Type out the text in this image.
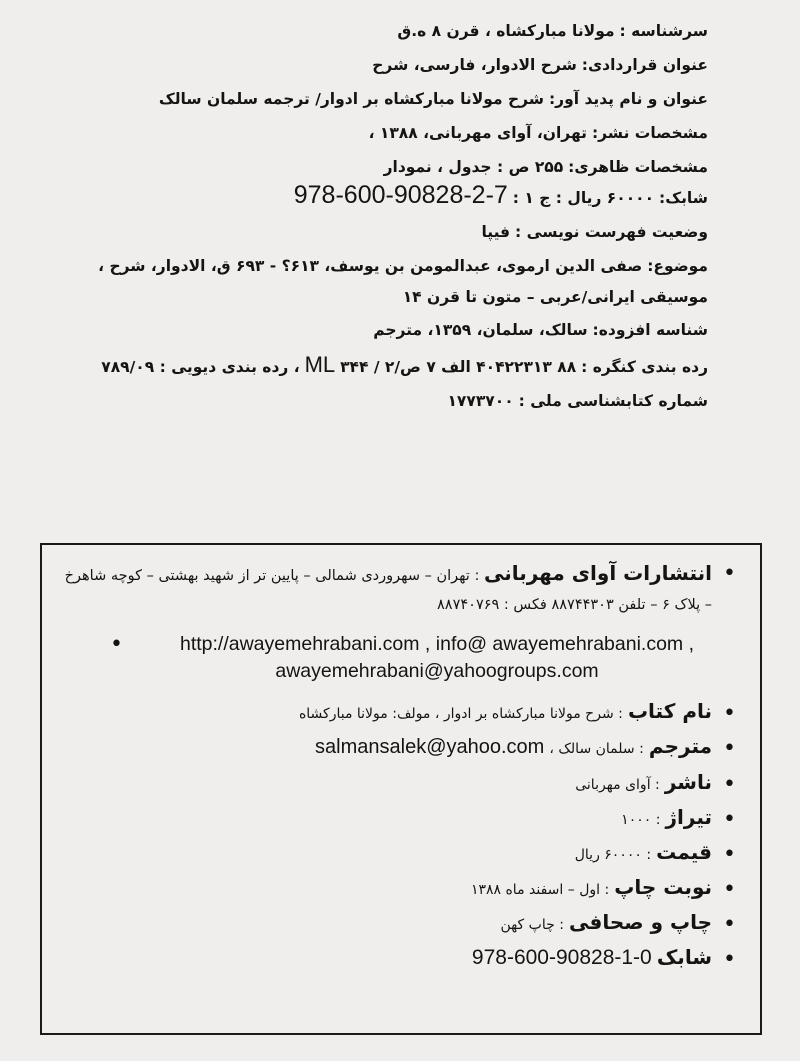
سرشناسه : مولانا مبارکشاه ، قرن ۸ ه.ق
عنوان قراردادی: شرح الادوار، فارسی، شرح
عنوان و نام پدید آور: شرح مولانا مبارکشاه بر ادوار/ ترجمه سلمان سالک
مشخصات نشر: تهران، آوای مهربانی، ۱۳۸۸ ،
مشخصات ظاهری: ۲۵۵ ص : جدول ، نمودار
شابک: ۶۰۰۰۰ ریال : ج ۱ : 978-600-90828-2-7
وضعیت فهرست نویسی : فیپا
موضوع: صفی الدین ارموی، عبدالمومن بن یوسف، ۶۱۳؟ - ۶۹۳ ق، الادوار، شرح ، موسیقی ایرانی/عربی – متون تا قرن ۱۴
شناسه افزوده: سالک، سلمان، ۱۳۵۹، مترجم
رده بندی کنگره : ۸۸ ۴۰۴۲۲۳۱۳ الف ۷ ص/۲ / ۳۴۴ ML ، رده بندی دیویی : ۷۸۹/۰۹
شماره کتابشناسی ملی : ۱۷۷۳۷۰۰
•
انتشارات آوای مهربانی : تهران – سهروردی شمالی – پایین تر از شهید بهشتی – کوچه شاهرخ – پلاک ۶ – تلفن ۸۸۷۴۴۳۰۳ فکس : ۸۸۷۴۰۷۶۹
•	http://awayemehrabani.com , info@ awayemehrabani.com ,
awayemehrabani@yahoogroups.com
•
نام کتاب : شرح مولانا مبارکشاه بر ادوار ، مولف: مولانا مبارکشاه
•
مترجم : سلمان سالک ، salmansalek@yahoo.com
•
ناشر : آوای مهربانی
•
تیراژ : ۱۰۰۰
•
قیمت : ۶۰۰۰۰ ریال
•
نوبت چاپ : اول – اسفند ماه ۱۳۸۸
•
چاپ و صحافی : چاپ کهن
•
شابک 978-600-90828-1-0
